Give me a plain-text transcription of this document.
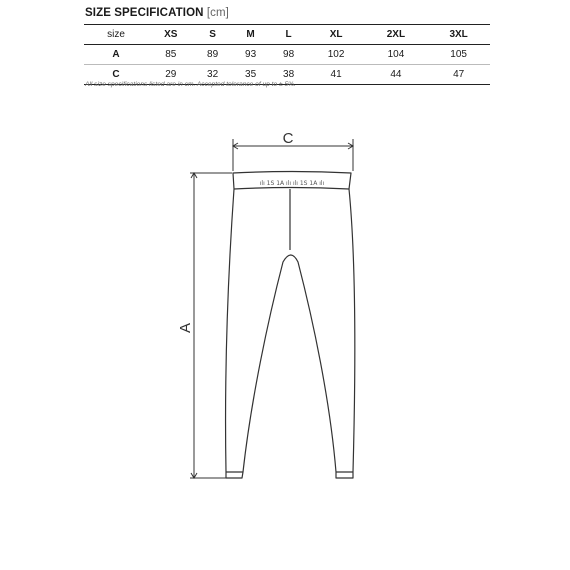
SIZE SPECIFICATION [cm]
size	XS	S	M	L	XL	2XL	3XL
A	85	89	93	98	102	104	105
C	29	32	35	38	41	44	47
All size specifications listed are in cm. Accepted tolerance of up to ± 5%.
C
A
ılı 1S 1A ılı ılı 1S 1A ılı
